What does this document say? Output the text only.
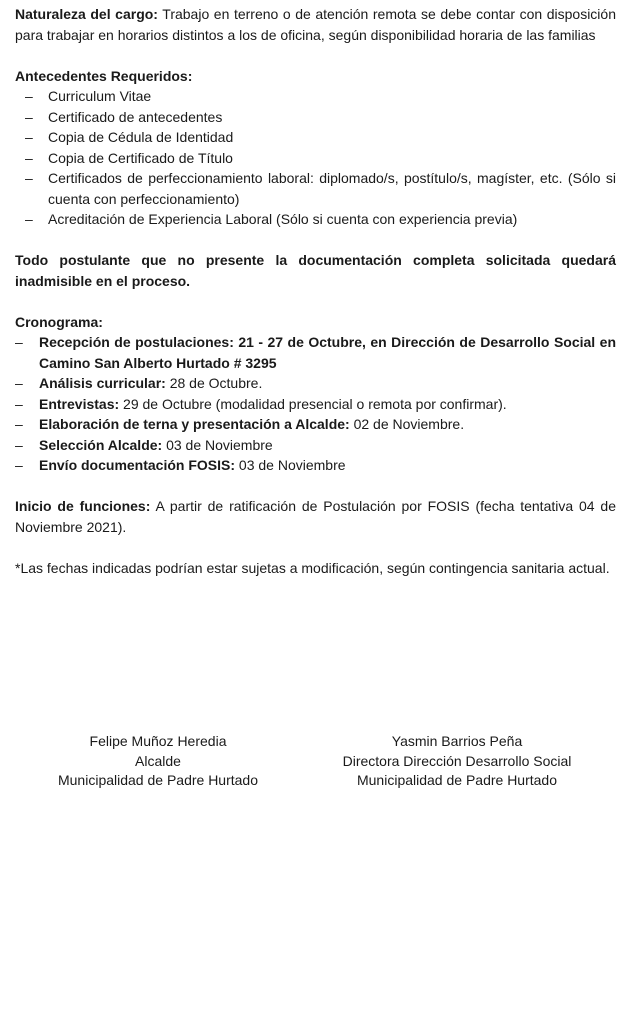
Naturaleza del cargo: Trabajo en terreno o de atención remota se debe contar con disposición para trabajar en horarios distintos a los de oficina, según disponibilidad horaria de las familias

Antecedentes Requeridos:

– Curriculum Vitae
– Certificado de antecedentes
– Copia de Cédula de Identidad
– Copia de Certificado de Título
– Certificados de perfeccionamiento laboral: diplomado/s, postítulo/s, magíster, etc. (Sólo si cuenta con perfeccionamiento)
– Acreditación de Experiencia Laboral (Sólo si cuenta con experiencia previa)

Todo postulante que no presente la documentación completa solicitada quedará inadmisible en el proceso.

Cronograma:

– Recepción de postulaciones: 21 - 27 de Octubre, en Dirección de Desarrollo Social en Camino San Alberto Hurtado # 3295
– Análisis curricular: 28 de Octubre.
– Entrevistas: 29 de Octubre (modalidad presencial o remota por confirmar).
– Elaboración de terna y presentación a Alcalde: 02 de Noviembre.
– Selección Alcalde: 03 de Noviembre
– Envío documentación FOSIS: 03 de Noviembre

Inicio de funciones: A partir de ratificación de Postulación por FOSIS (fecha tentativa 04 de Noviembre 2021).

*Las fechas indicadas podrían estar sujetas a modificación, según contingencia sanitaria actual.

Felipe Muñoz Heredia
Alcalde
Municipalidad de Padre Hurtado
Yasmin Barrios Peña
Directora Dirección Desarrollo Social
Municipalidad de Padre Hurtado
